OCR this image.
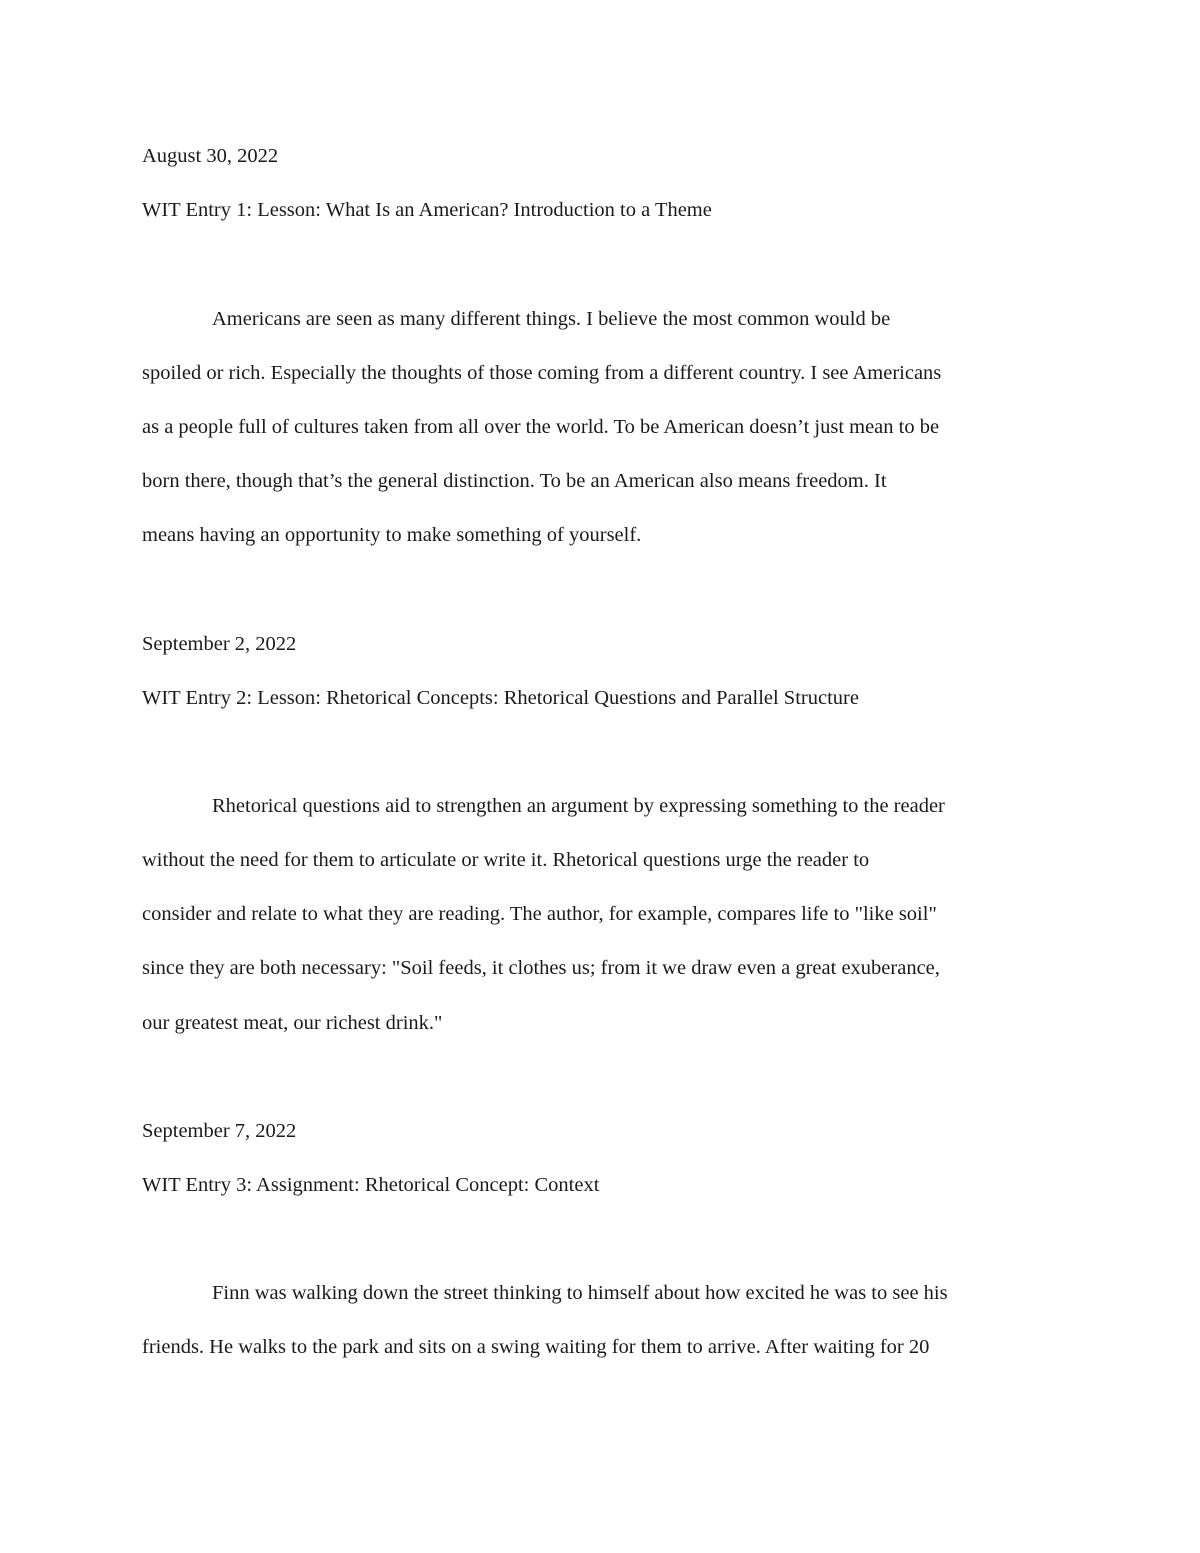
August 30, 2022
WIT Entry 1: Lesson: What Is an American? Introduction to a Theme
Americans are seen as many different things. I believe the most common would be
spoiled or rich. Especially the thoughts of those coming from a different country. I see Americans
as a people full of cultures taken from all over the world. To be American doesn’t just mean to be
born there, though that’s the general distinction. To be an American also means freedom. It
means having an opportunity to make something of yourself.
September 2, 2022
WIT Entry 2: Lesson: Rhetorical Concepts: Rhetorical Questions and Parallel Structure
Rhetorical questions aid to strengthen an argument by expressing something to the reader
without the need for them to articulate or write it. Rhetorical questions urge the reader to
consider and relate to what they are reading. The author, for example, compares life to "like soil"
since they are both necessary: "Soil feeds, it clothes us; from it we draw even a great exuberance,
our greatest meat, our richest drink."
September 7, 2022
WIT Entry 3: Assignment: Rhetorical Concept: Context
Finn was walking down the street thinking to himself about how excited he was to see his
friends. He walks to the park and sits on a swing waiting for them to arrive. After waiting for 20
